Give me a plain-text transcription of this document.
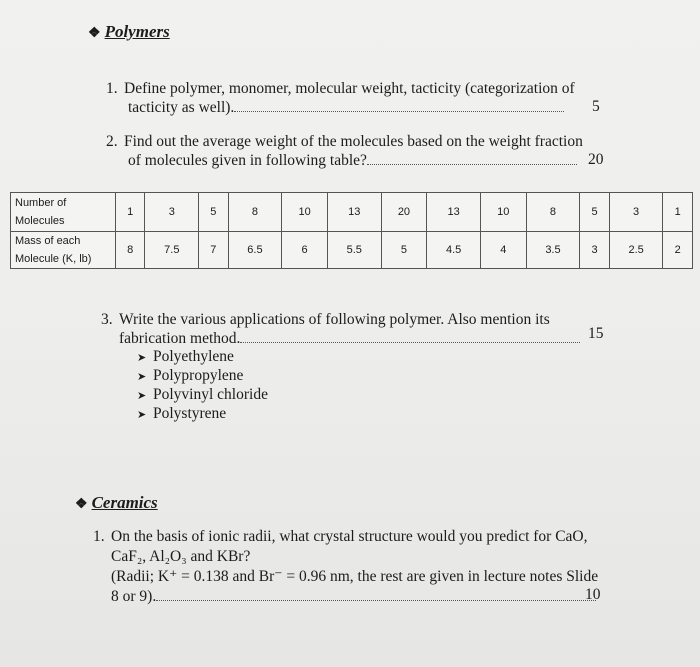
❖ Polymers
1. Define polymer, monomer, molecular weight, tacticity (categorization of
tacticity as well).	5
2. Find out the average weight of the molecules based on the weight fraction
of molecules given in following table?	20
Number of
Molecules	1	3	5	8	10	13	20	13	10	8	5	3	1

Mass of each
Molecule (K, lb)	8	7.5	7	6.5	6	5.5	5	4.5	4	3.5	3	2.5	2
3. Write the various applications of following polymer. Also mention its
fabrication method.
➤ Polyethylene
➤ Polypropylene
➤ Polyvinyl chloride
➤ Polystyrene
15
❖ Ceramics
1. On the basis of ionic radii, what crystal structure would you predict for CaO,
CaF₂, Al₂O₃ and KBr?
(Radii; K⁺ = 0.138 and Br⁻ = 0.96 nm, the rest are given in lecture notes Slide
8 or 9).	10
